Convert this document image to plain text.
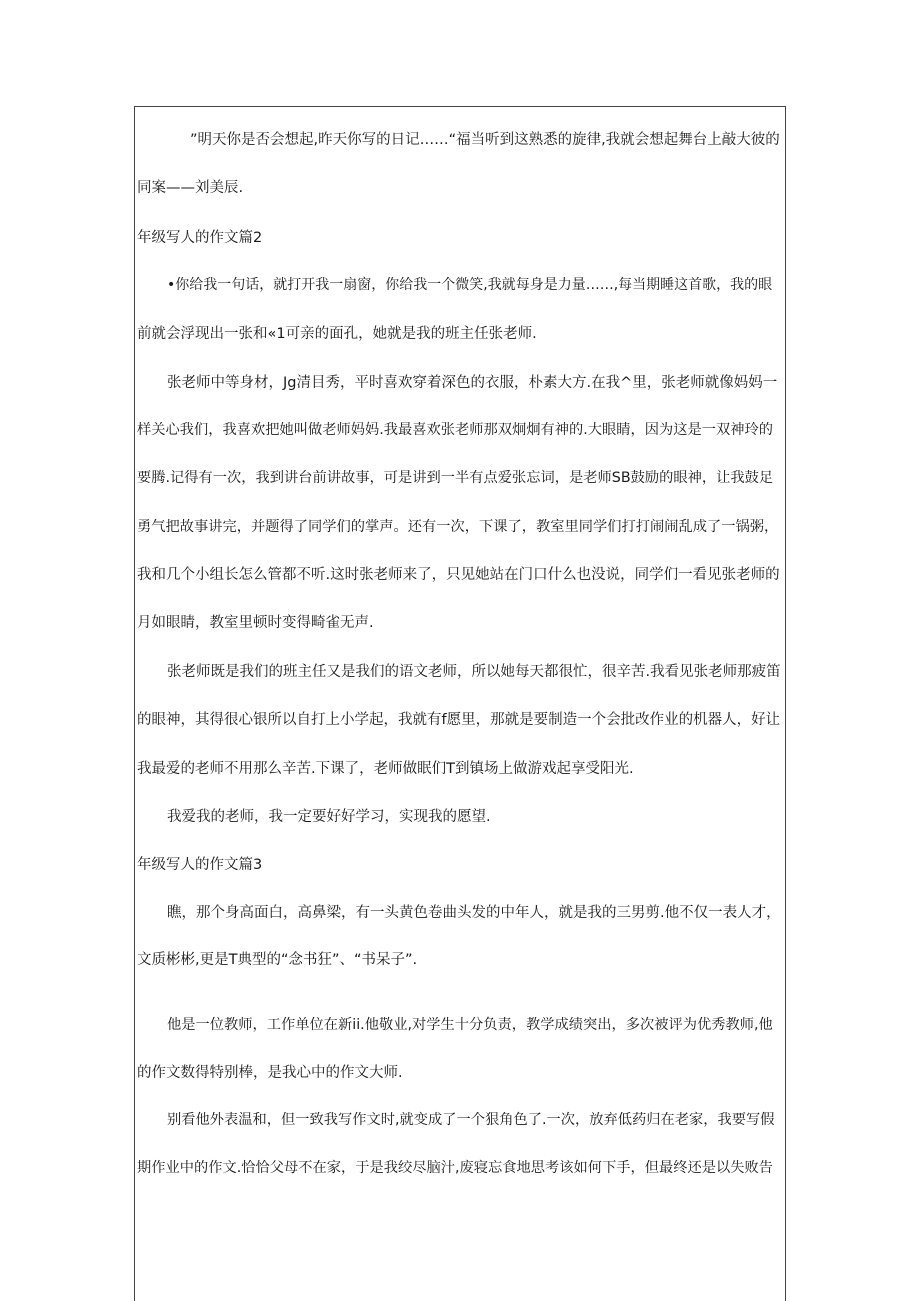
”明天你是否会想起,昨天你写的日记……“福当听到这熟悉的旋律,我就会想起舞台上敲大彼的
同案——刘美辰.
年级写人的作文篇2
•你给我一句话，就打开我一扇窗，你给我一个微笑,我就每身是力量……,每当期睡这首歌，我的眼
前就会浮现出一张和«1可亲的面孔，她就是我的班主任张老师.
张老师中等身材，Jg清目秀，平时喜欢穿着深色的衣服，朴素大方.在我^里，张老师就像妈妈一
样关心我们，我喜欢把她叫做老师妈妈.我最喜欢张老师那双炯炯有神的.大眼睛，因为这是一双神玲的
要腾.记得有一次，我到讲台前讲故事，可是讲到一半有点爱张忘词，是老师SB鼓励的眼神，让我鼓足
勇气把故事讲完，并题得了同学们的掌声。还有一次，下课了，教室里同学们打打闹闹乱成了一锅粥，
我和几个小组长怎么管都不听.这时张老师来了，只见她站在门口什么也没说，同学们一看见张老师的
月如眼睛，教室里顿时变得畸雀无声.
张老师既是我们的班主任又是我们的语文老师，所以她每天都很忙，很辛苦.我看见张老师那疲笛
的眼神，其得很心银所以自打上小学起，我就有f愿里，那就是要制造一个会批改作业的机器人，好让
我最爱的老师不用那么辛苦.下课了，老师做眠们T到镇场上做游戏起享受阳光.
我爱我的老师，我一定要好好学习，实现我的愿望.
年级写人的作文篇3
瞧，那个身高面白，高鼻梁，有一头黄色卷曲头发的中年人，就是我的三男剪.他不仅一表人才，
文质彬彬,更是T典型的“念书狂”、“书呆子”.
他是一位教师，工作单位在新ii.他敬业,对学生十分负责，教学成绩突出，多次被评为优秀教师,他
的作文数得特别棒，是我心中的作文大师.
别看他外表温和，但一致我写作文时,就变成了一个狠角色了.一次，放弃低药归在老家，我要写假
期作业中的作文.恰恰父母不在家，于是我绞尽脑汁,废寝忘食地思考该如何下手，但最终还是以失败告
